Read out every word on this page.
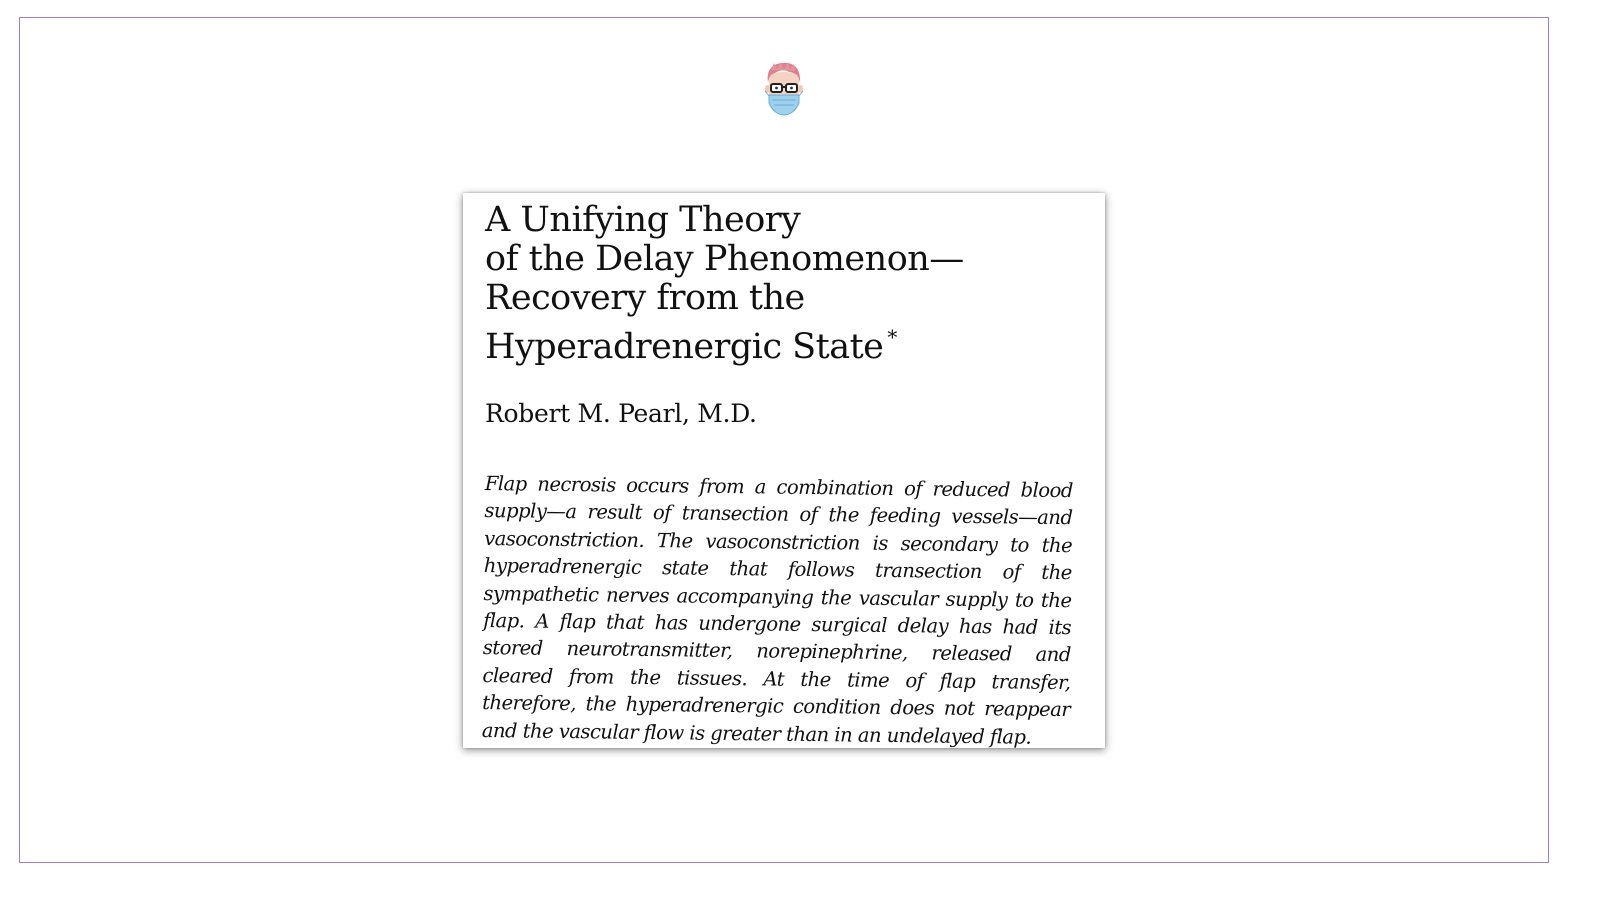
A Unifying Theory
of the Delay Phenomenon—
Recovery from the
Hyperadrenergic State *
Robert M. Pearl, M.D.
Flap necrosis occurs from a combination of reduced blood supply—a result of transection of the feeding vessels—and vasoconstriction. The vasoconstriction is secondary to the hyperadrenergic state that follows transection of the sympathetic nerves accompanying the vascular supply to the flap. A flap that has undergone surgical delay has had its stored neurotransmitter, norepinephrine, released and cleared from the tissues. At the time of flap transfer, therefore, the hyperadrenergic condition does not reappear and the vascular flow is greater than in an undelayed flap.
